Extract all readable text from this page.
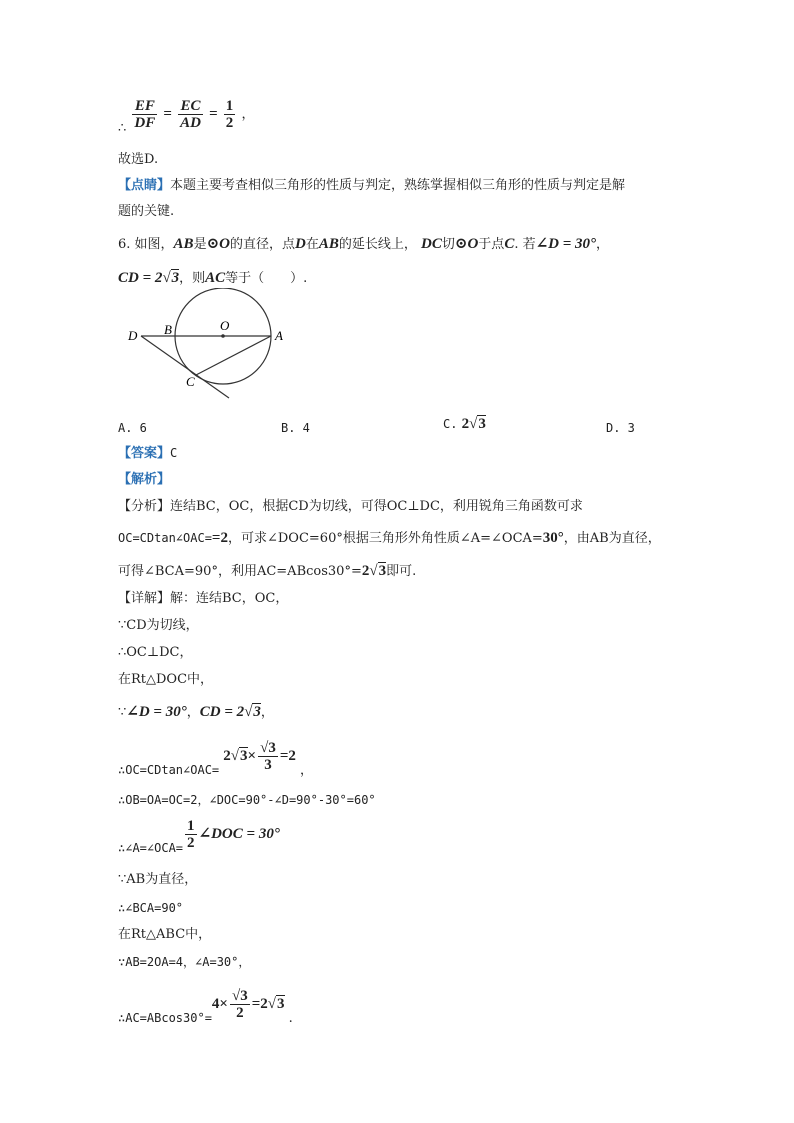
∴ $\frac{EF}{DF} = \frac{EC}{AD} = \frac{1}{2}$ ，
故选D.
【点睛】本题主要考查相似三角形的性质与判定，熟练掌握相似三角形的性质与判定是解
题的关键.
6. 如图，AB是⊙O的直径，点D在AB的延长线上， DC切⊙O于点C. 若∠D = 30°，
CD = 2√3，则AC等于（　　）.
D B	O
A
C
A. 6	B. 4	C. 2√3	D. 3
【答案】C
【解析】
【分析】连结BC，OC，根据CD为切线，可得OC⊥DC，利用锐角三角函数可求
OC=CDtan∠OAC==2，可求∠DOC=60°根据三角形外角性质∠A=∠OCA=30°，由AB为直径，
可得∠BCA=90°，利用AC=ABcos30°=2√3即可.
【详解】解：连结BC，OC，
∵CD为切线，
∴OC⊥DC，
在Rt△DOC中，
∵∠D = 30°，CD = 2√3，
∴OC=CDtan∠OAC= $2√3\times \frac{√3}{3} =2$ ，
∴OB=OA=OC=2，∠DOC=90°-∠D=90°-30°=60°
∴∠A=∠OCA= $\frac{1}{2}$ ∠DOC = 30°
∵AB为直径，
∴∠BCA=90°
在Rt△ABC中，
∵AB=2OA=4，∠A=30°，
∴AC=ABcos30°=4× $\frac{√3}{2} =2√3$ .
